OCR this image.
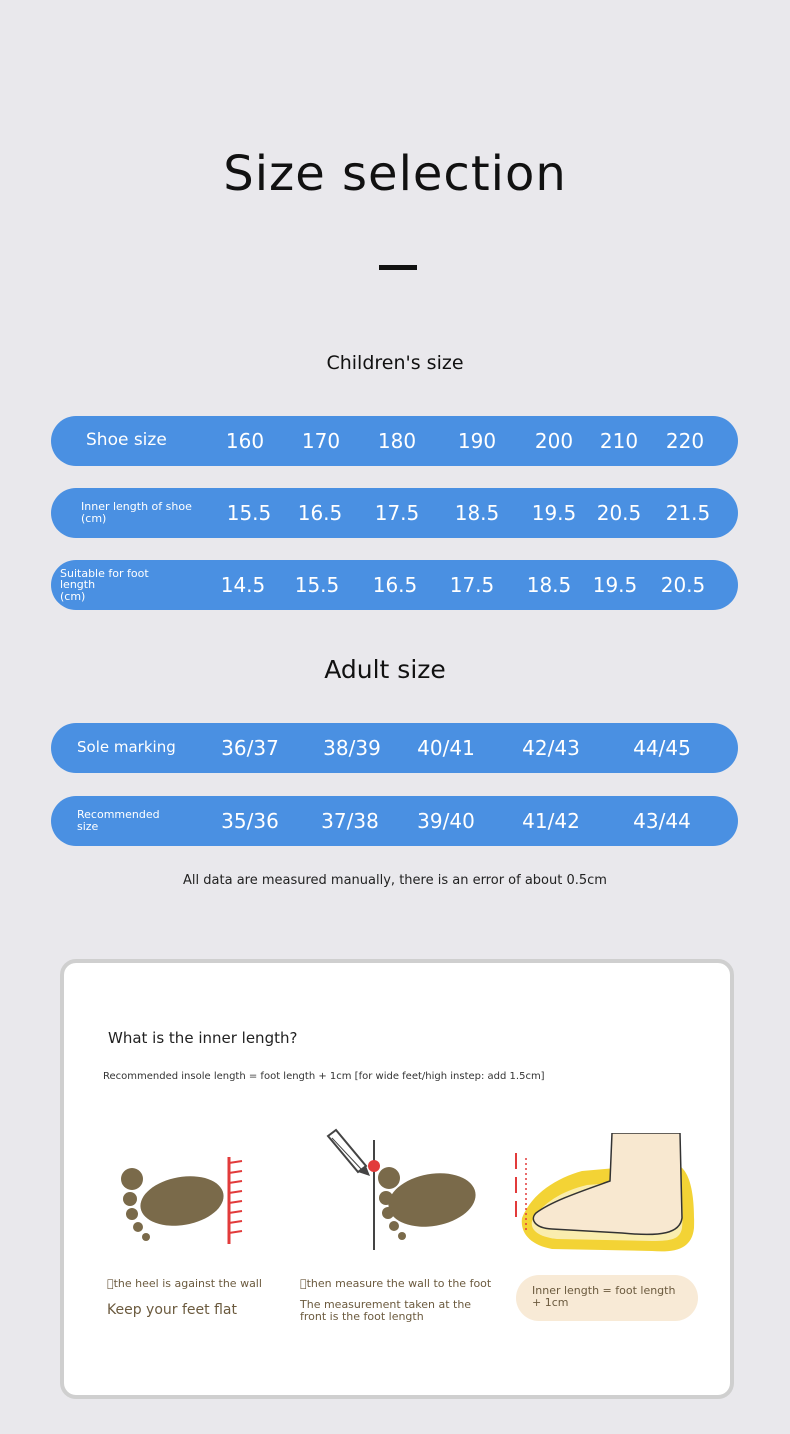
Size selection
Children's size
Shoe size	160	170	180	190	200	210	220
Inner length of shoe
(cm)	15.5	16.5	17.5	18.5	19.5	20.5	21.5
Suitable for foot length
(cm)	14.5	15.5	16.5	17.5	18.5	19.5	20.5
Adult size
Sole marking	36/37	38/39	40/41	42/43	44/45
Recommended
size	35/36	37/38	39/40	41/42	43/44
All data are measured manually, there is an error of about 0.5cm
What is the inner length?
Recommended insole length = foot length + 1cm [for wide feet/high instep: add 1.5cm]
 the heel is against the wall
Keep your feet flat
 then measure the wall to the foot
The measurement taken at the front is the foot length
Inner length = foot length + 1cm
